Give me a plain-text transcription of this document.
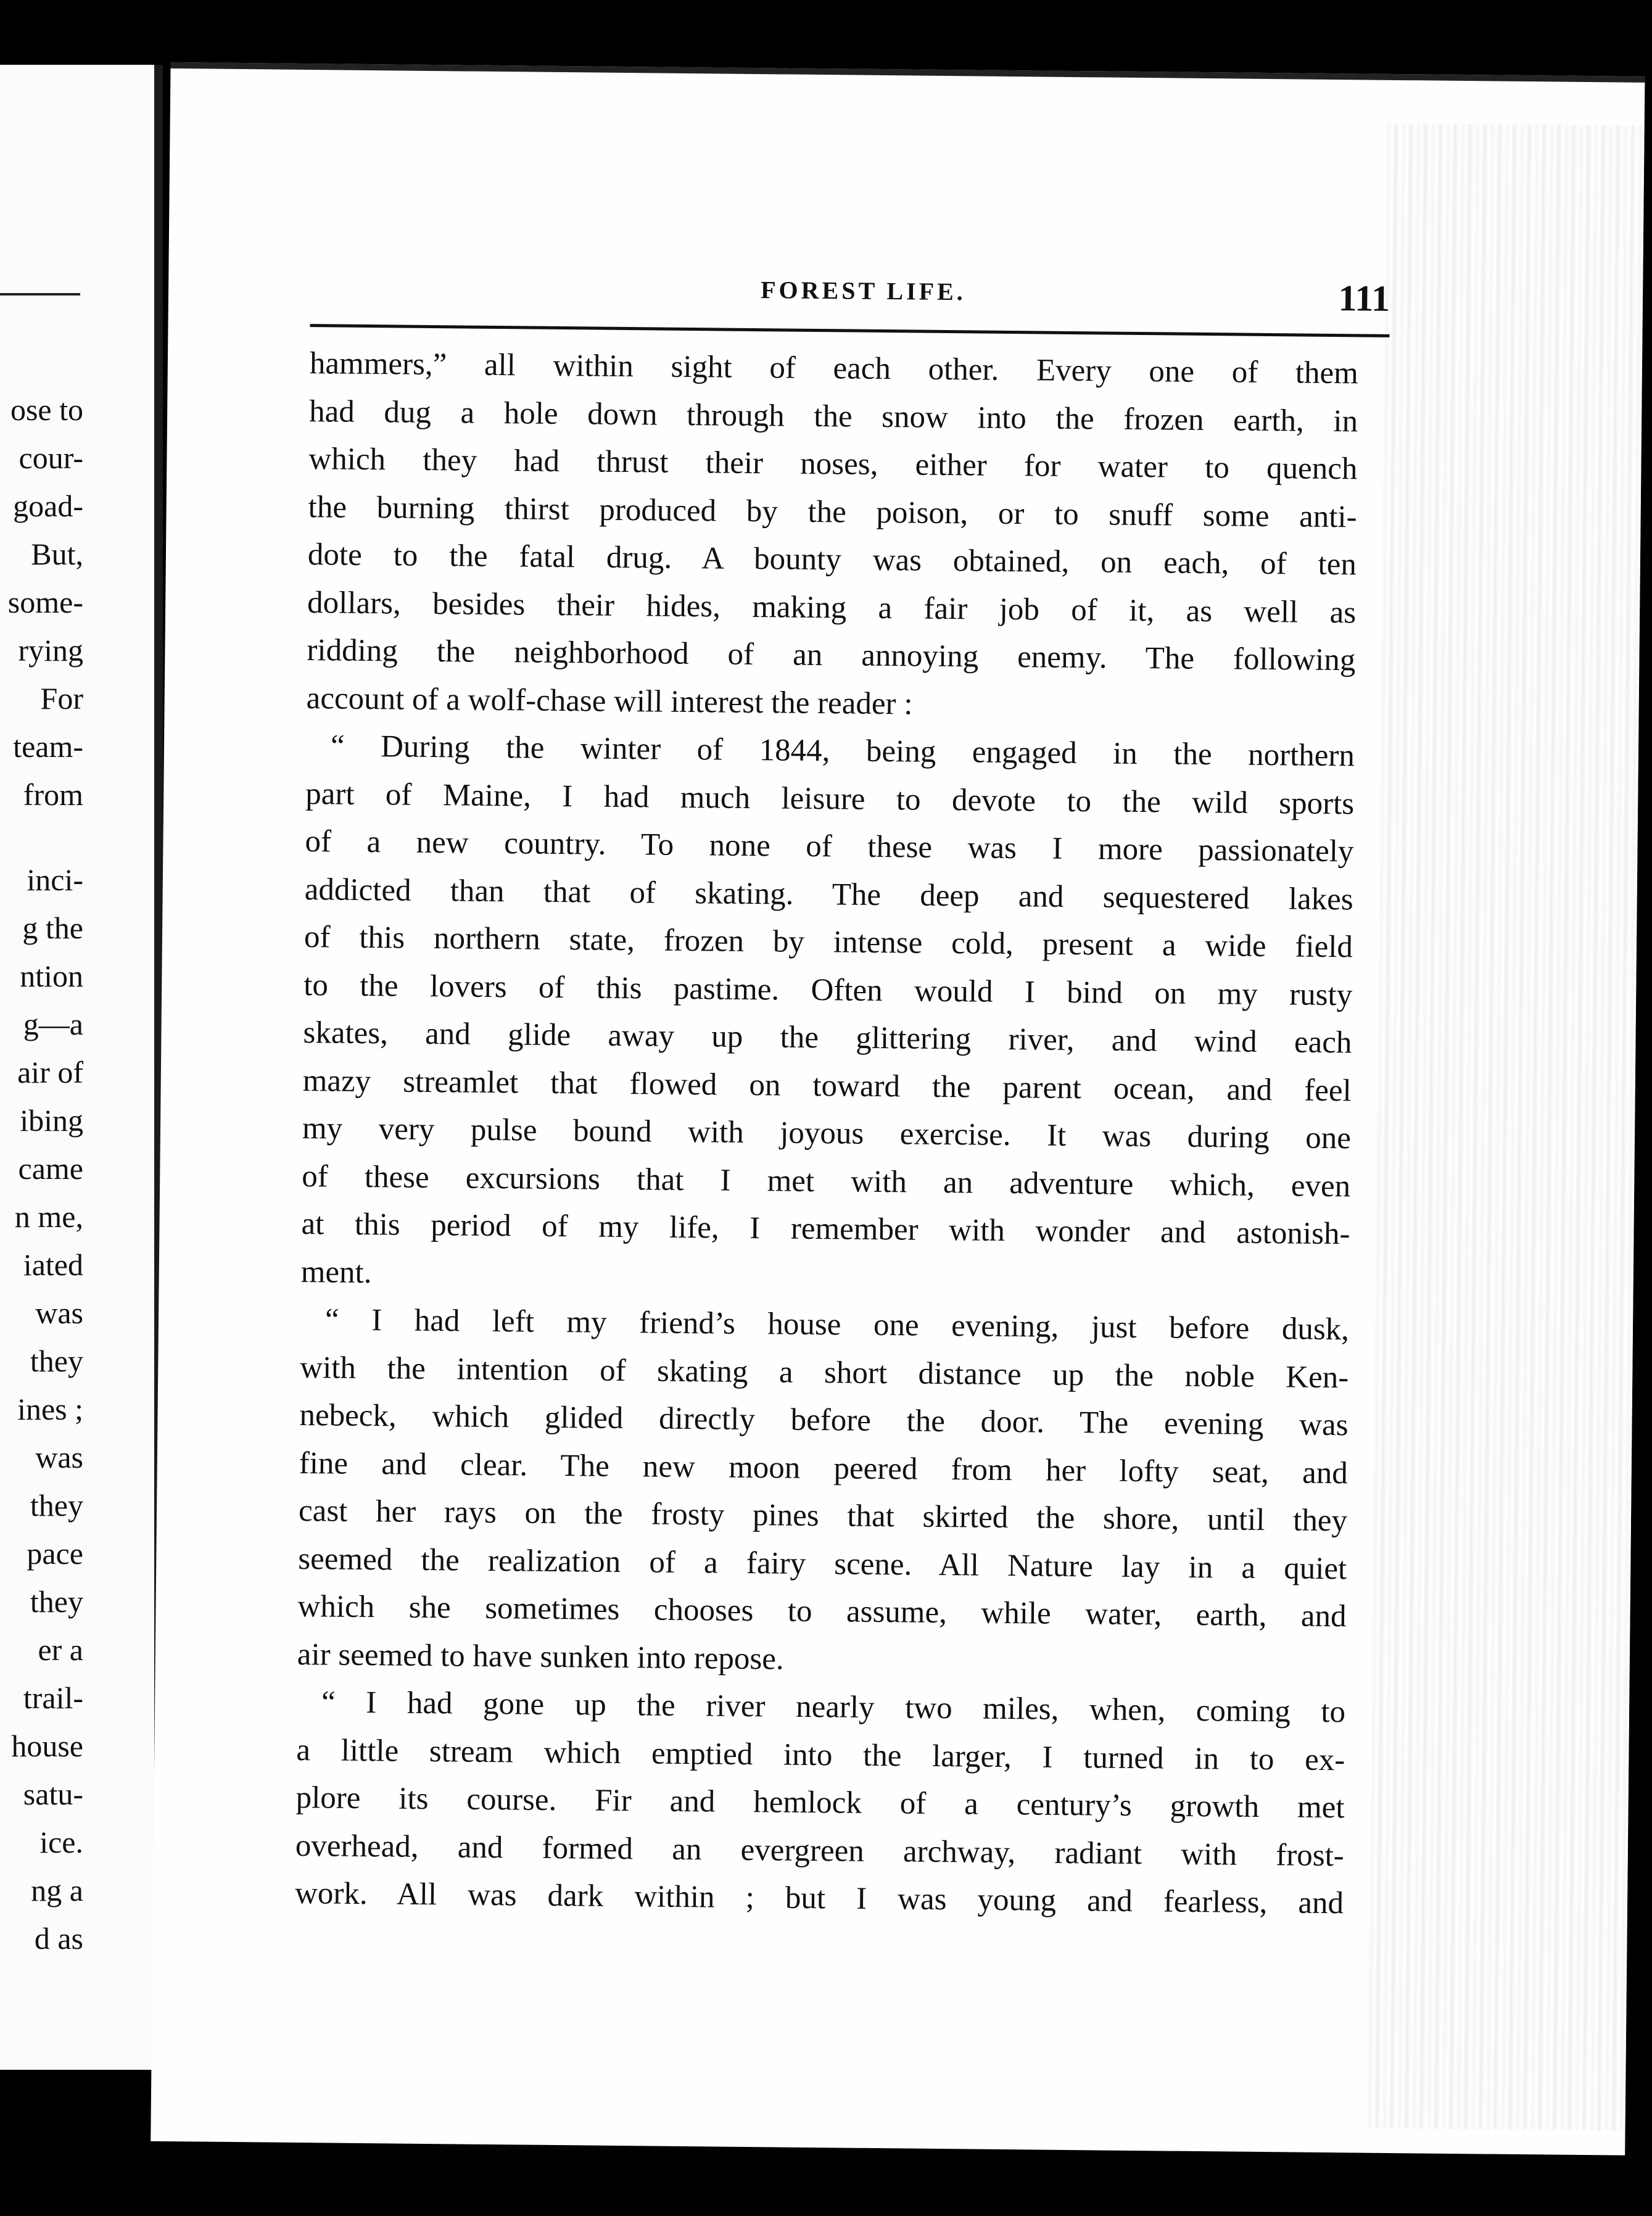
ose to
cour-
goad-
But,
some-
rying
For
team-
from
inci-
g the
ntion
g—a
air of
ibing
came
n me,
iated
was
they
ines ;
was
they
pace
they
er a
trail-
house
satu-
ice.
ng a
d as
FOREST LIFE.	111
hammers,” all within sight of each other. Every one of them
had dug a hole down through the snow into the frozen earth, in
which they had thrust their noses, either for water to quench
the burning thirst produced by the poison, or to snuff some anti-
dote to the fatal drug. A bounty was obtained, on each, of ten
dollars, besides their hides, making a fair job of it, as well as
ridding the neighborhood of an annoying enemy. The following
account of a wolf-chase will interest the reader :
“ During the winter of 1844, being engaged in the northern
part of Maine, I had much leisure to devote to the wild sports
of a new country. To none of these was I more passionately
addicted than that of skating. The deep and sequestered lakes
of this northern state, frozen by intense cold, present a wide field
to the lovers of this pastime. Often would I bind on my rusty
skates, and glide away up the glittering river, and wind each
mazy streamlet that flowed on toward the parent ocean, and feel
my very pulse bound with joyous exercise. It was during one
of these excursions that I met with an adventure which, even
at this period of my life, I remember with wonder and astonish-
ment.
“ I had left my friend’s house one evening, just before dusk,
with the intention of skating a short distance up the noble Ken-
nebeck, which glided directly before the door. The evening was
fine and clear. The new moon peered from her lofty seat, and
cast her rays on the frosty pines that skirted the shore, until they
seemed the realization of a fairy scene. All Nature lay in a quiet
which she sometimes chooses to assume, while water, earth, and
air seemed to have sunken into repose.
“ I had gone up the river nearly two miles, when, coming to
a little stream which emptied into the larger, I turned in to ex-
plore its course. Fir and hemlock of a century’s growth met
overhead, and formed an evergreen archway, radiant with frost-
work. All was dark within ; but I was young and fearless, and
